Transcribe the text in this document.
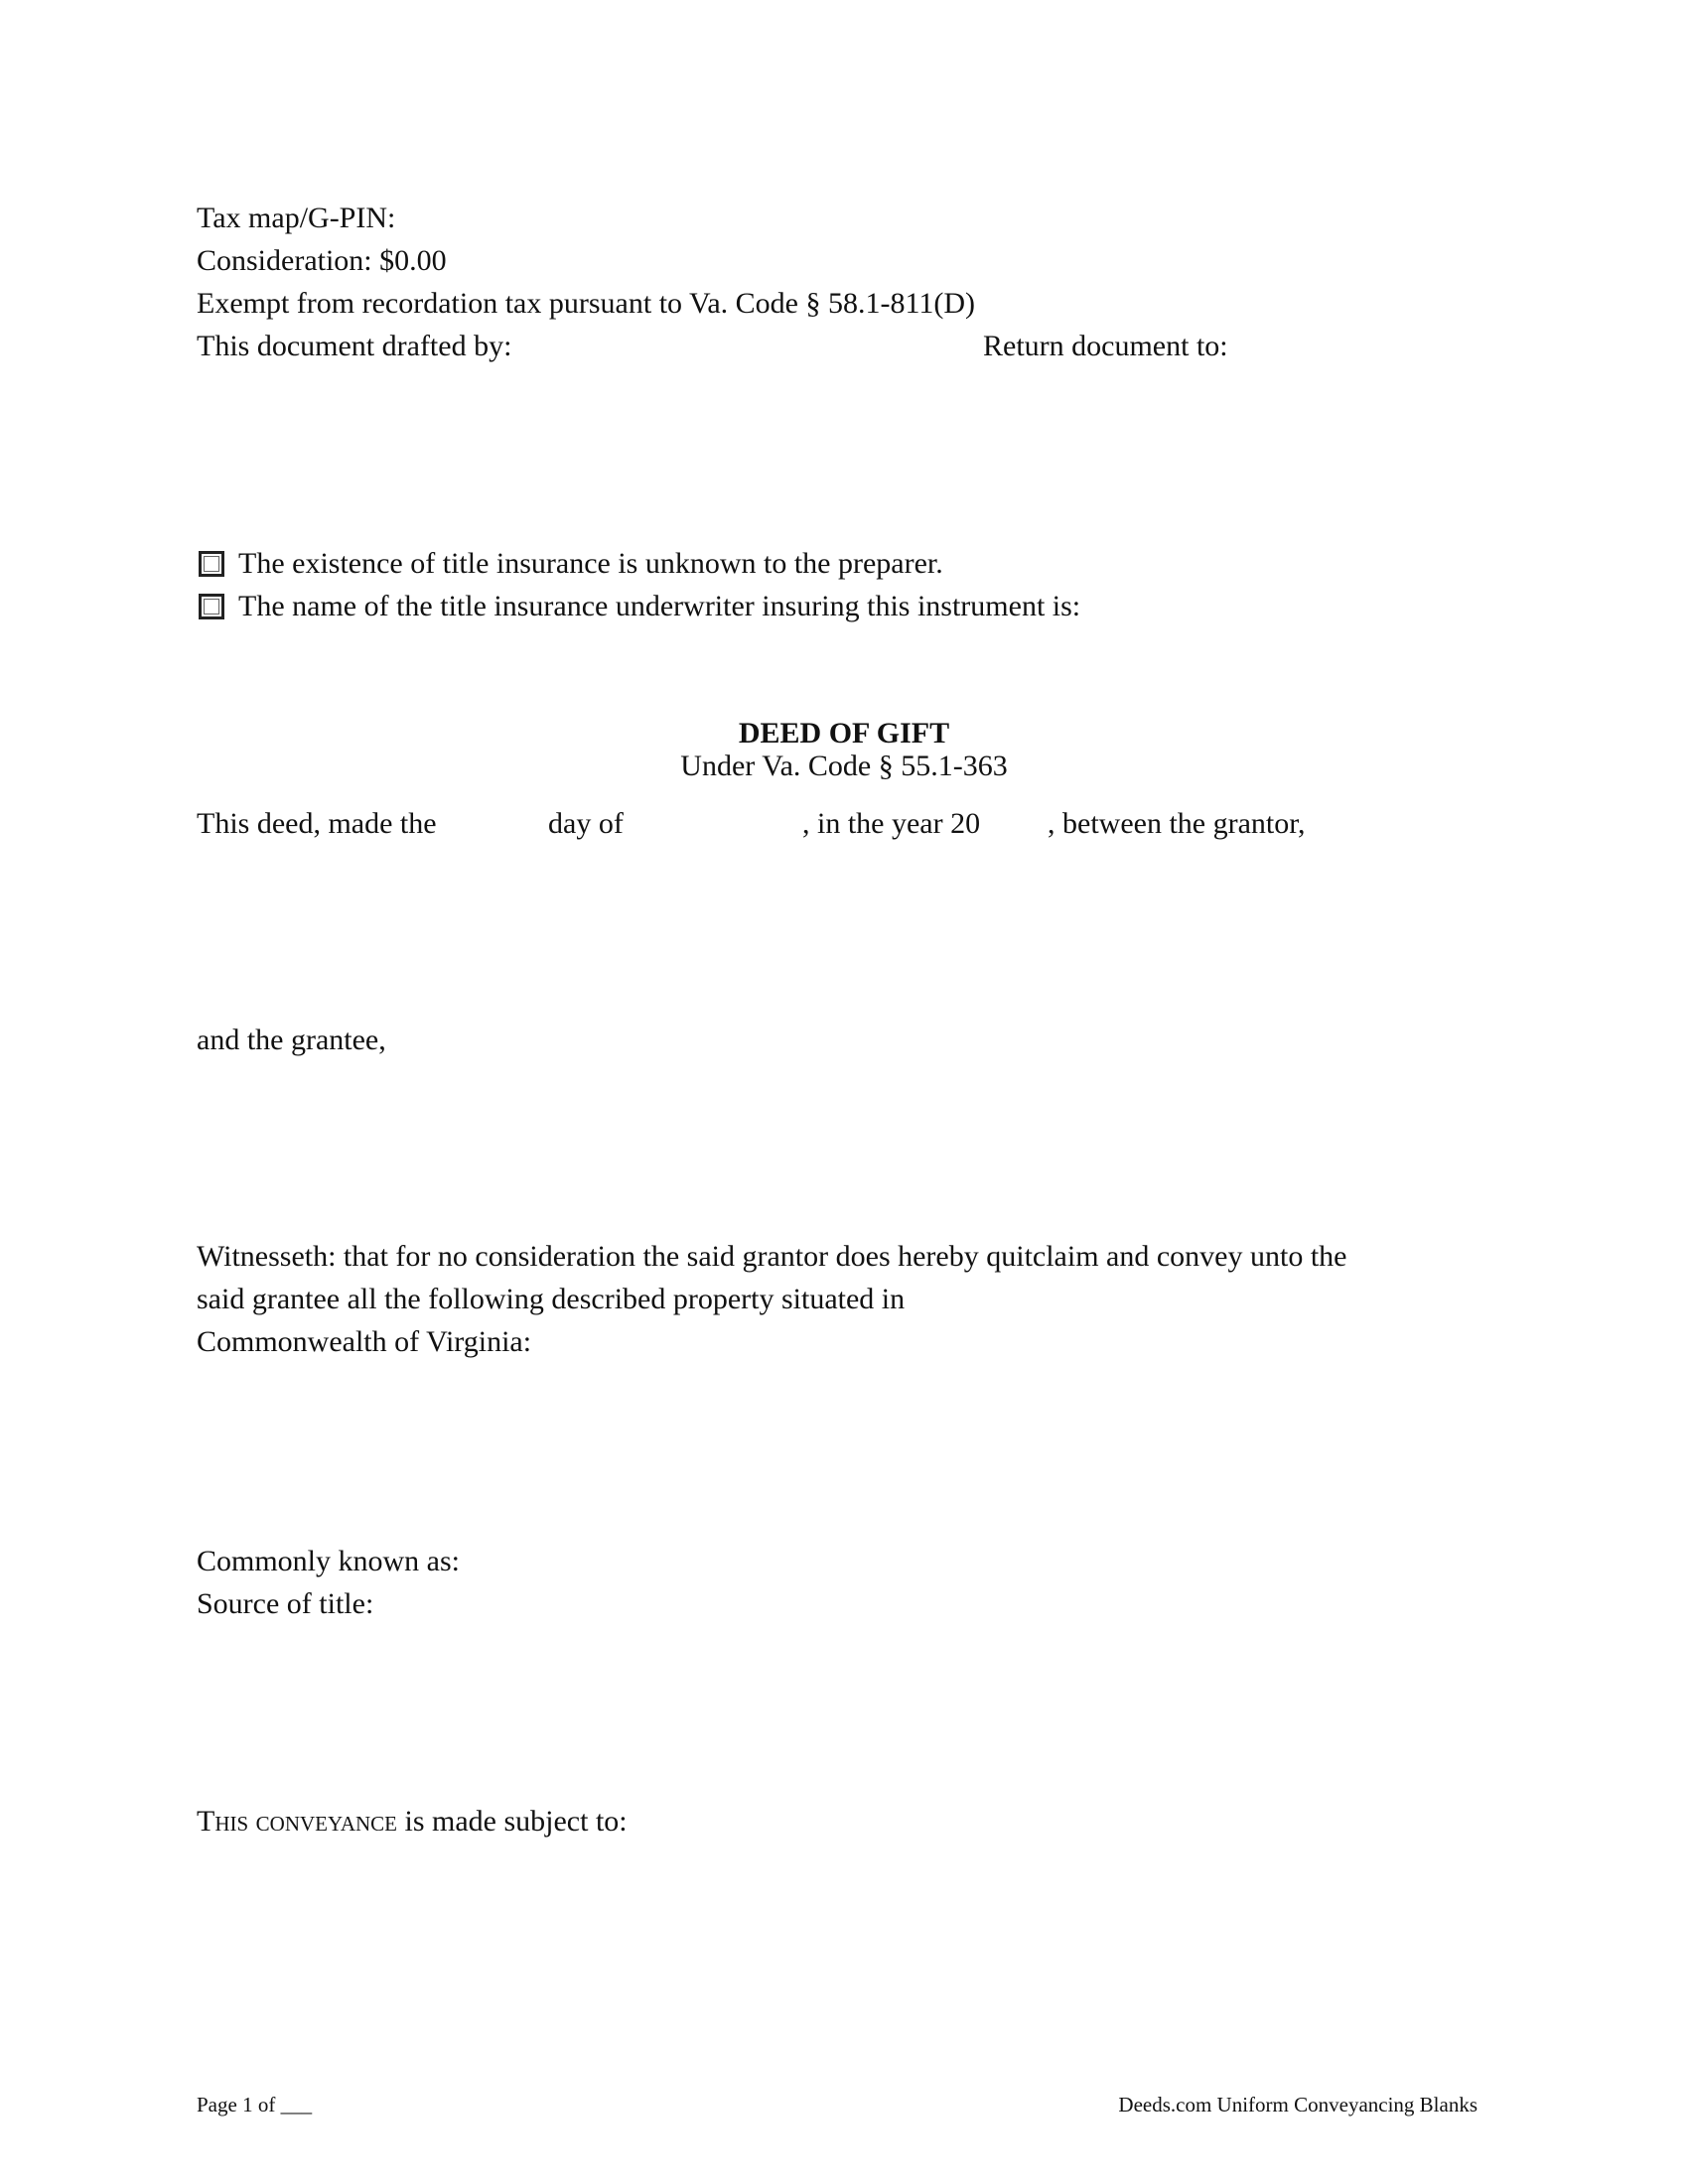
Tax map/G-PIN:
Consideration: $0.00
Exempt from recordation tax pursuant to Va. Code § 58.1-811(D)
This document drafted by:	Return document to:
The existence of title insurance is unknown to the preparer.
The name of the title insurance underwriter insuring this instrument is:
DEED OF GIFT
Under Va. Code § 55.1-363
This deed, made the	day of	, in the year 20 , between the grantor,
and the grantee,
Witnesseth: that for no consideration the said grantor does hereby quitclaim and convey unto the
said grantee all the following described property situated in
Commonwealth of Virginia:
Commonly known as:
Source of title:
This conveyance is made subject to:
Page 1 of ___	Deeds.com Uniform Conveyancing Blanks
